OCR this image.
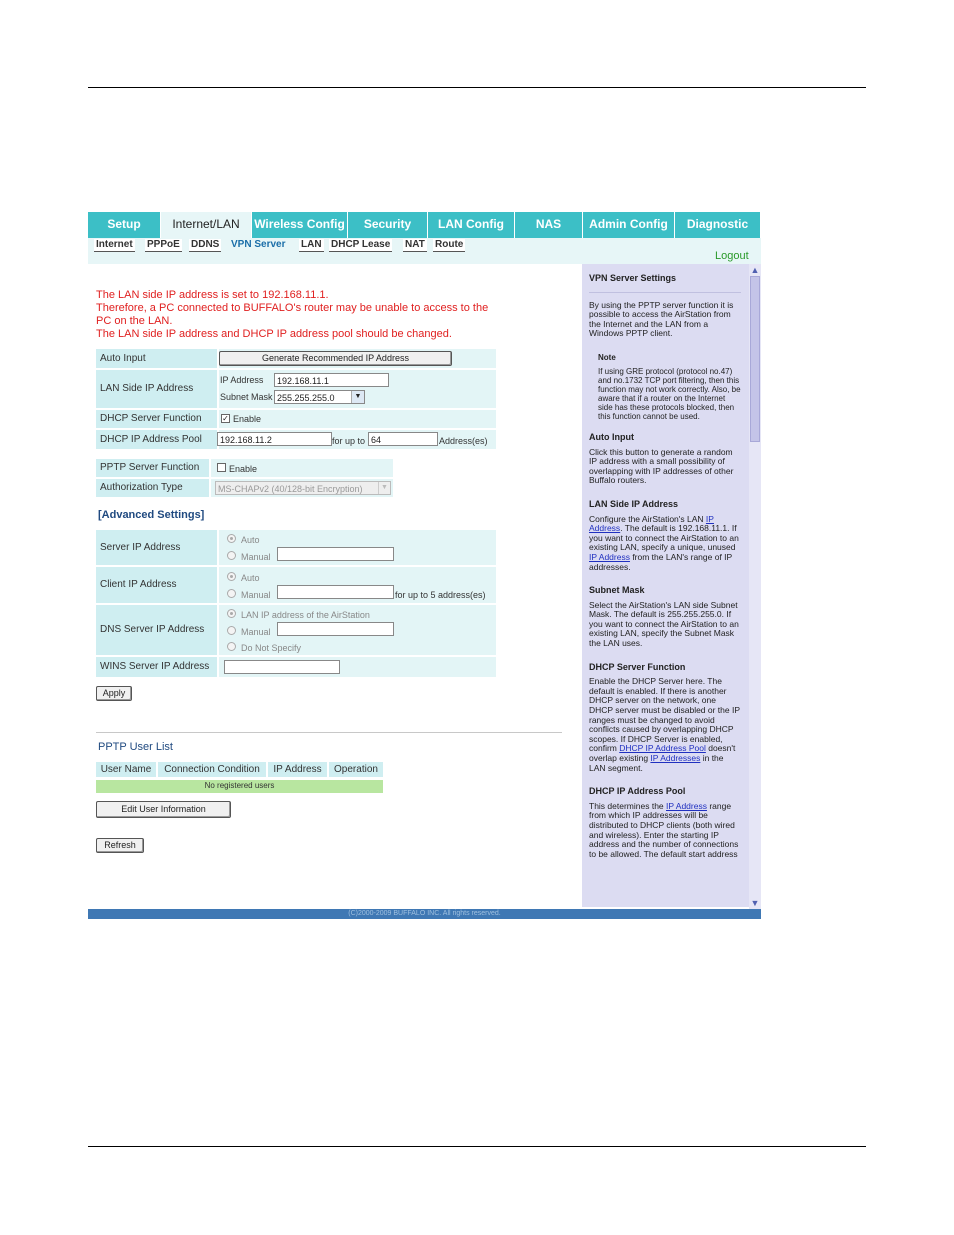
Setup	Internet/LAN	Wireless Config	Security	LAN Config	NAS	Admin Config	Diagnostic
Internet PPPoE DDNS VPN Server LAN DHCP Lease NAT Route
Logout
The LAN side IP address is set to 192.168.11.1.
Therefore, a PC connected to BUFFALO's router may be unable to access to the
PC on the LAN.
The LAN side IP address and DHCP IP address pool should be changed.
Auto Input	Generate Recommended IP Address
LAN Side IP Address
IP Address	192.168.11.1
Subnet Mask 255.255.255.0	▼
DHCP Server Function	✓ Enable
DHCP IP Address Pool	192.168.11.2	for up to 64	Address(es)
PPTP Server Function	Enable
Authorization Type	MS-CHAPv2 (40/128-bit Encryption)	▼
[Advanced Settings]
Server IP Address
Auto
Manual
Client IP Address
Auto
Manual	for up to 5 address(es)
DNS Server IP Address
LAN IP address of the AirStation
Manual
Do Not Specify
WINS Server IP Address
Apply
PPTP User List
User Name	Connection Condition	IP Address	Operation
No registered users
Edit User Information
Refresh
VPN Server Settings

By using the PPTP server function it is possible to access the AirStation from the Internet and the LAN from a Windows PPTP client.

Note
If using GRE protocol (protocol no.47) and no.1732 TCP port filtering, then this function may not work correctly. Also, be aware that if a router on the Internet side has these protocols blocked, then this function cannot be used.
Auto Input

Click this button to generate a random IP address with a small possibility of overlapping with IP addresses of other Buffalo routers.

LAN Side IP Address

Configure the AirStation's LAN IP Address. The default is 192.168.11.1. If you want to connect the AirStation to an existing LAN, specify a unique, unused IP Address from the LAN's range of IP addresses.

Subnet Mask

Select the AirStation's LAN side Subnet Mask. The default is 255.255.255.0. If you want to connect the AirStation to an existing LAN, specify the Subnet Mask the LAN uses.

DHCP Server Function

Enable the DHCP Server here. The default is enabled. If there is another DHCP server on the network, one DHCP server must be disabled or the IP ranges must be changed to avoid conflicts caused by overlapping DHCP scopes. If DHCP Server is enabled, confirm DHCP IP Address Pool doesn't overlap existing IP Addresses in the LAN segment.

DHCP IP Address Pool

This determines the IP Address range from which IP addresses will be distributed to DHCP clients (both wired and wireless). Enter the starting IP address and the number of connections to be allowed. The default start address

▲
▼
(C)2000-2009 BUFFALO INC. All rights reserved.
